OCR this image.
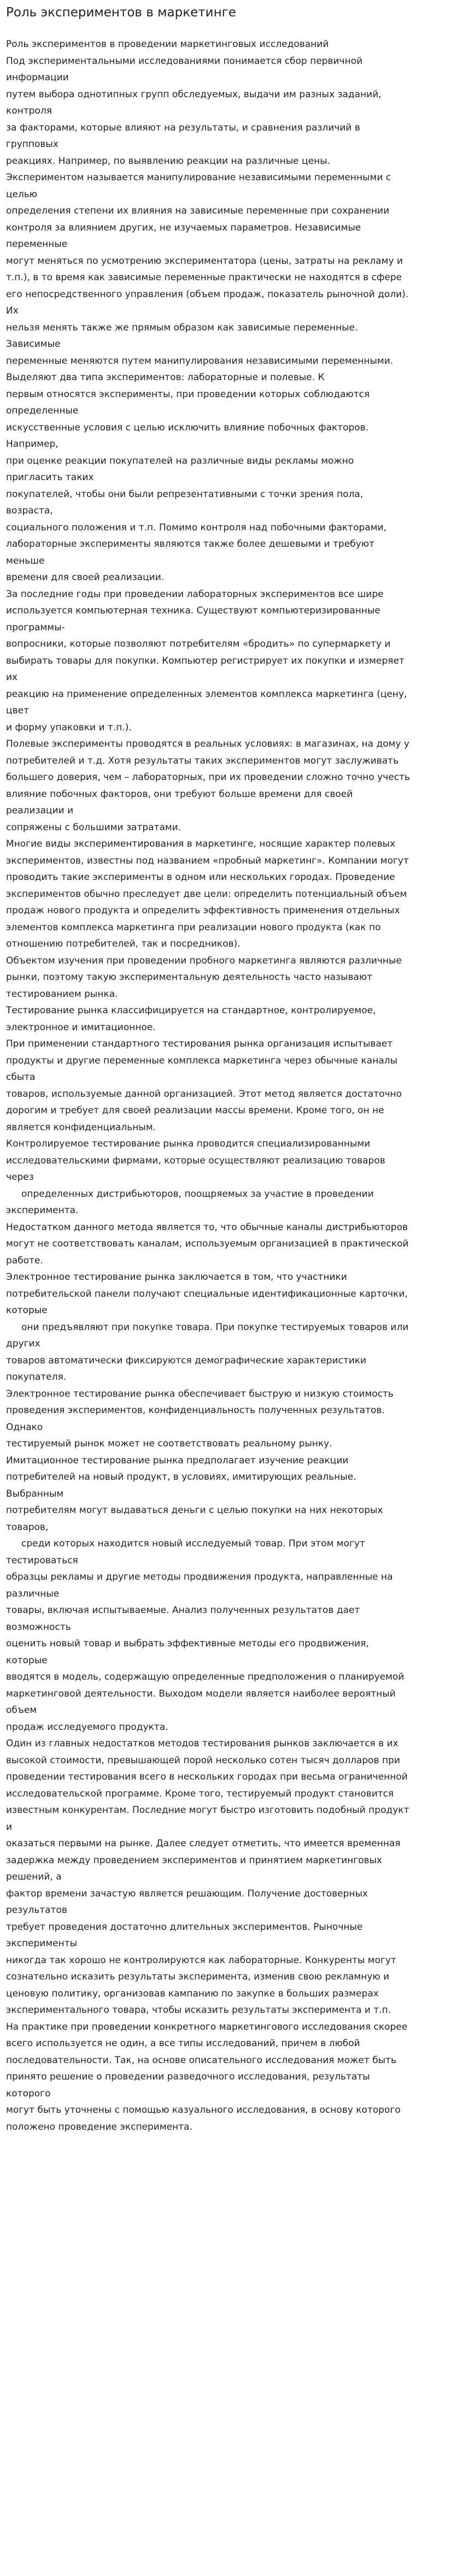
Роль экспериментов в маркетинге

Роль экспериментов в проведении маркетинговых исследований

Под экспериментальными исследованиями понимается сбор первичной

информации

путем выбора однотипных групп обследуемых, выдачи им разных заданий,

контроля

за факторами, которые влияют на результаты, и сравнения различий в

групповых

реакциях. Например, по выявлению реакции на различные цены.

Экспериментом называется манипулирование независимыми переменными с

целью

определения степени их влияния на зависимые переменные при сохранении

контроля за влиянием других, не изучаемых параметров. Независимые

переменные

могут меняться по усмотрению экспериментатора (цены, затраты на рекламу и

т.п.), в то время как зависимые переменные практически не находятся в сфере

его непосредственного управления (объем продаж, показатель рыночной доли).

Их

нельзя менять также же прямым образом как зависимые переменные.

Зависимые

переменные меняются путем манипулирования независимыми переменными.

Выделяют два типа экспериментов: лабораторные и полевые. К

первым относятся эксперименты, при проведении которых соблюдаются

определенные

искусственные условия с целью исключить влияние побочных факторов.

Например,

при оценке реакции покупателей на различные виды рекламы можно

пригласить таких

покупателей, чтобы они были репрезентативными с точки зрения пола,

возраста,

социального положения и т.п. Помимо контроля над побочными факторами,

лабораторные эксперименты являются также более дешевыми и требуют

меньше

времени для своей реализации.

За последние годы при проведении лабораторных экспериментов все шире

используется компьютерная техника. Существуют компьютеризированные

программы-

вопросники, которые позволяют потребителям «бродить» по супермаркету и

выбирать товары для покупки. Компьютер регистрирует их покупки и измеряет

их

реакцию на применение определенных элементов комплекса маркетинга (цену,

цвет

и форму упаковки и т.п.).

Полевые эксперименты проводятся в реальных условиях: в магазинах, на дому у

потребителей и т.д. Хотя результаты таких экспериментов могут заслуживать

большего доверия, чем – лабораторных, при их проведении сложно точно учесть

влияние побочных факторов, они требуют больше времени для своей

реализации и

сопряжены с большими затратами.

Многие виды экспериментирования в маркетинге, носящие характер полевых

экспериментов, известны под названием «пробный маркетинг». Компании могут

проводить такие эксперименты в одном или нескольких городах. Проведение

экспериментов обычно преследует две цели: определить потенциальный объем

продаж нового продукта и определить эффективность применения отдельных

элементов комплекса маркетинга при реализации нового продукта (как по

отношению потребителей, так и посредников).

Объектом изучения при проведении пробного маркетинга являются различные

рынки, поэтому такую экспериментальную деятельность часто называют

тестированием рынка.

Тестирование рынка классифицируется на стандартное, контролируемое,

электронное и имитационное.

При применении стандартного тестирования рынка организация испытывает

продукты и другие переменные комплекса маркетинга через обычные каналы

сбыта

товаров, используемые данной организацией. Этот метод является достаточно

дорогим и требует для своей реализации массы времени. Кроме того, он не

является конфиденциальным.

Контролируемое тестирование рынка проводится специализированными

исследовательскими фирмами, которые осуществляют реализацию товаров

через

определенных дистрибьюторов, поощряемых за участие в проведении

эксперимента.

Недостатком данного метода является то, что обычные каналы дистрибьюторов

могут не соответствовать каналам, используемым организацией в практической

работе.

Электронное тестирование рынка заключается в том, что участники

потребительской панели получают специальные идентификационные карточки,

которые

они предъявляют при покупке товара. При покупке тестируемых товаров или

других

товаров автоматически фиксируются демографические характеристики

покупателя.

Электронное тестирование рынка обеспечивает быструю и низкую стоимость

проведения экспериментов, конфиденциальность полученных результатов.

Однако

тестируемый рынок может не соответствовать реальному рынку.

Имитационное тестирование рынка предполагает изучение реакции

потребителей на новый продукт, в условиях, имитирующих реальные.

Выбранным

потребителям могут выдаваться деньги с целью покупки на них некоторых

товаров,

среди которых находится новый исследуемый товар. При этом могут

тестироваться

образцы рекламы и другие методы продвижения продукта, направленные на

различные

товары, включая испытываемые. Анализ полученных результатов дает

возможность

оценить новый товар и выбрать эффективные методы его продвижения,

которые

вводятся в модель, содержащую определенные предположения о планируемой

маркетинговой деятельности. Выходом модели является наиболее вероятный

объем

продаж исследуемого продукта.

Один из главных недостатков методов тестирования рынков заключается в их

высокой стоимости, превышающей порой несколько сотен тысяч долларов при

проведении тестирования всего в нескольких городах при весьма ограниченной

исследовательской программе. Кроме того, тестируемый продукт становится

известным конкурентам. Последние могут быстро изготовить подобный продукт

и

оказаться первыми на рынке. Далее следует отметить, что имеется временная

задержка между проведением экспериментов и принятием маркетинговых

решений, а

фактор времени зачастую является решающим. Получение достоверных

результатов

требует проведения достаточно длительных экспериментов. Рыночные

эксперименты

никогда так хорошо не контролируются как лабораторные. Конкуренты могут

сознательно исказить результаты эксперимента, изменив свою рекламную и

ценовую политику, организовав кампанию по закупке в больших размерах

экспериментального товара, чтобы исказить результаты эксперимента и т.п.

На практике при проведении конкретного маркетингового исследования скорее

всего используется не один, а все типы исследований, причем в любой

последовательности. Так, на основе описательного исследования может быть

принято решение о проведении разведочного исследования, результаты

которого

могут быть уточнены с помощью казуального исследования, в основу которого

положено проведение эксперимента.
